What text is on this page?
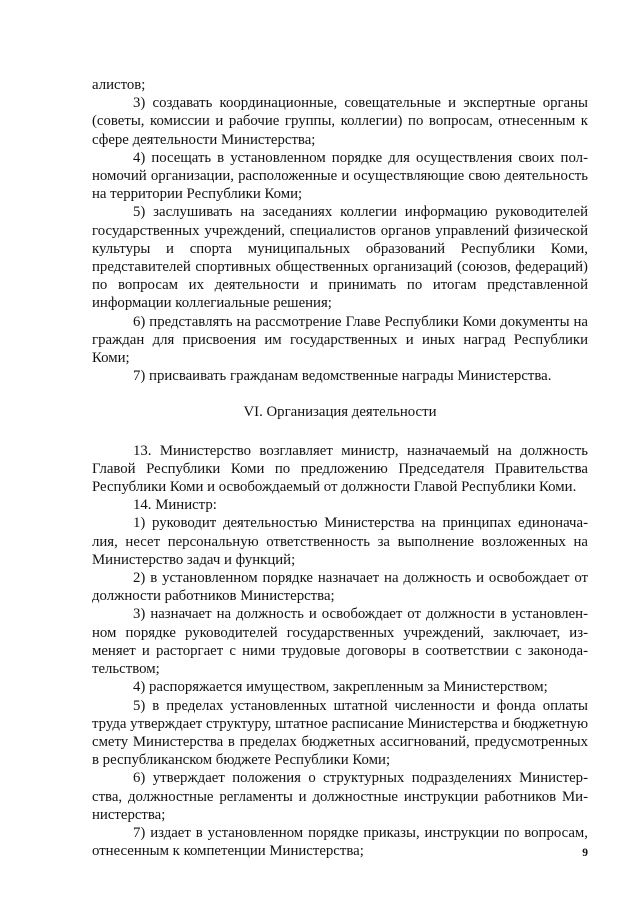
алистов;

3) создавать координационные, совещательные и экспертные органы (советы, комиссии и рабочие группы, коллегии) по вопросам, отнесенным к сфере деятельности Министерства;

4) посещать в установленном порядке для осуществления своих полномочий организации, расположенные и осуществляющие свою деятельность на территории Республики Коми;

5) заслушивать на заседаниях коллегии информацию руководителей государственных учреждений, специалистов органов управлений физической культуры и спорта муниципальных образований Республики Коми, представителей спортивных общественных организаций (союзов, федераций) по вопросам их деятельности и принимать по итогам представленной информации коллегиальные решения;

6) представлять на рассмотрение Главе Республики Коми документы на граждан для присвоения им государственных и иных наград Республики Коми;

7) присваивать гражданам ведомственные награды Министерства.

VI. Организация деятельности

13. Министерство возглавляет министр, назначаемый на должность Главой Республики Коми по предложению Председателя Правительства Республики Коми и освобождаемый от должности Главой Республики Коми.

14. Министр:

1) руководит деятельностью Министерства на принципах единоначалия, несет персональную ответственность за выполнение возложенных на Министерство задач и функций;

2) в установленном порядке назначает на должность и освобождает от должности работников Министерства;

3) назначает на должность и освобождает от должности в установленном порядке руководителей государственных учреждений, заключает, изменяет и расторгает с ними трудовые договоры в соответствии с законодательством;

4) распоряжается имуществом, закрепленным за Министерством;

5) в пределах установленных штатной численности и фонда оплаты труда утверждает структуру, штатное расписание Министерства и бюджетную смету Министерства в пределах бюджетных ассигнований, предусмотренных в республиканском бюджете Республики Коми;

6) утверждает положения о структурных подразделениях Министерства, должностные регламенты и должностные инструкции работников Министерства;

7) издает в установленном порядке приказы, инструкции по вопросам, отнесенным к компетенции Министерства;	9
